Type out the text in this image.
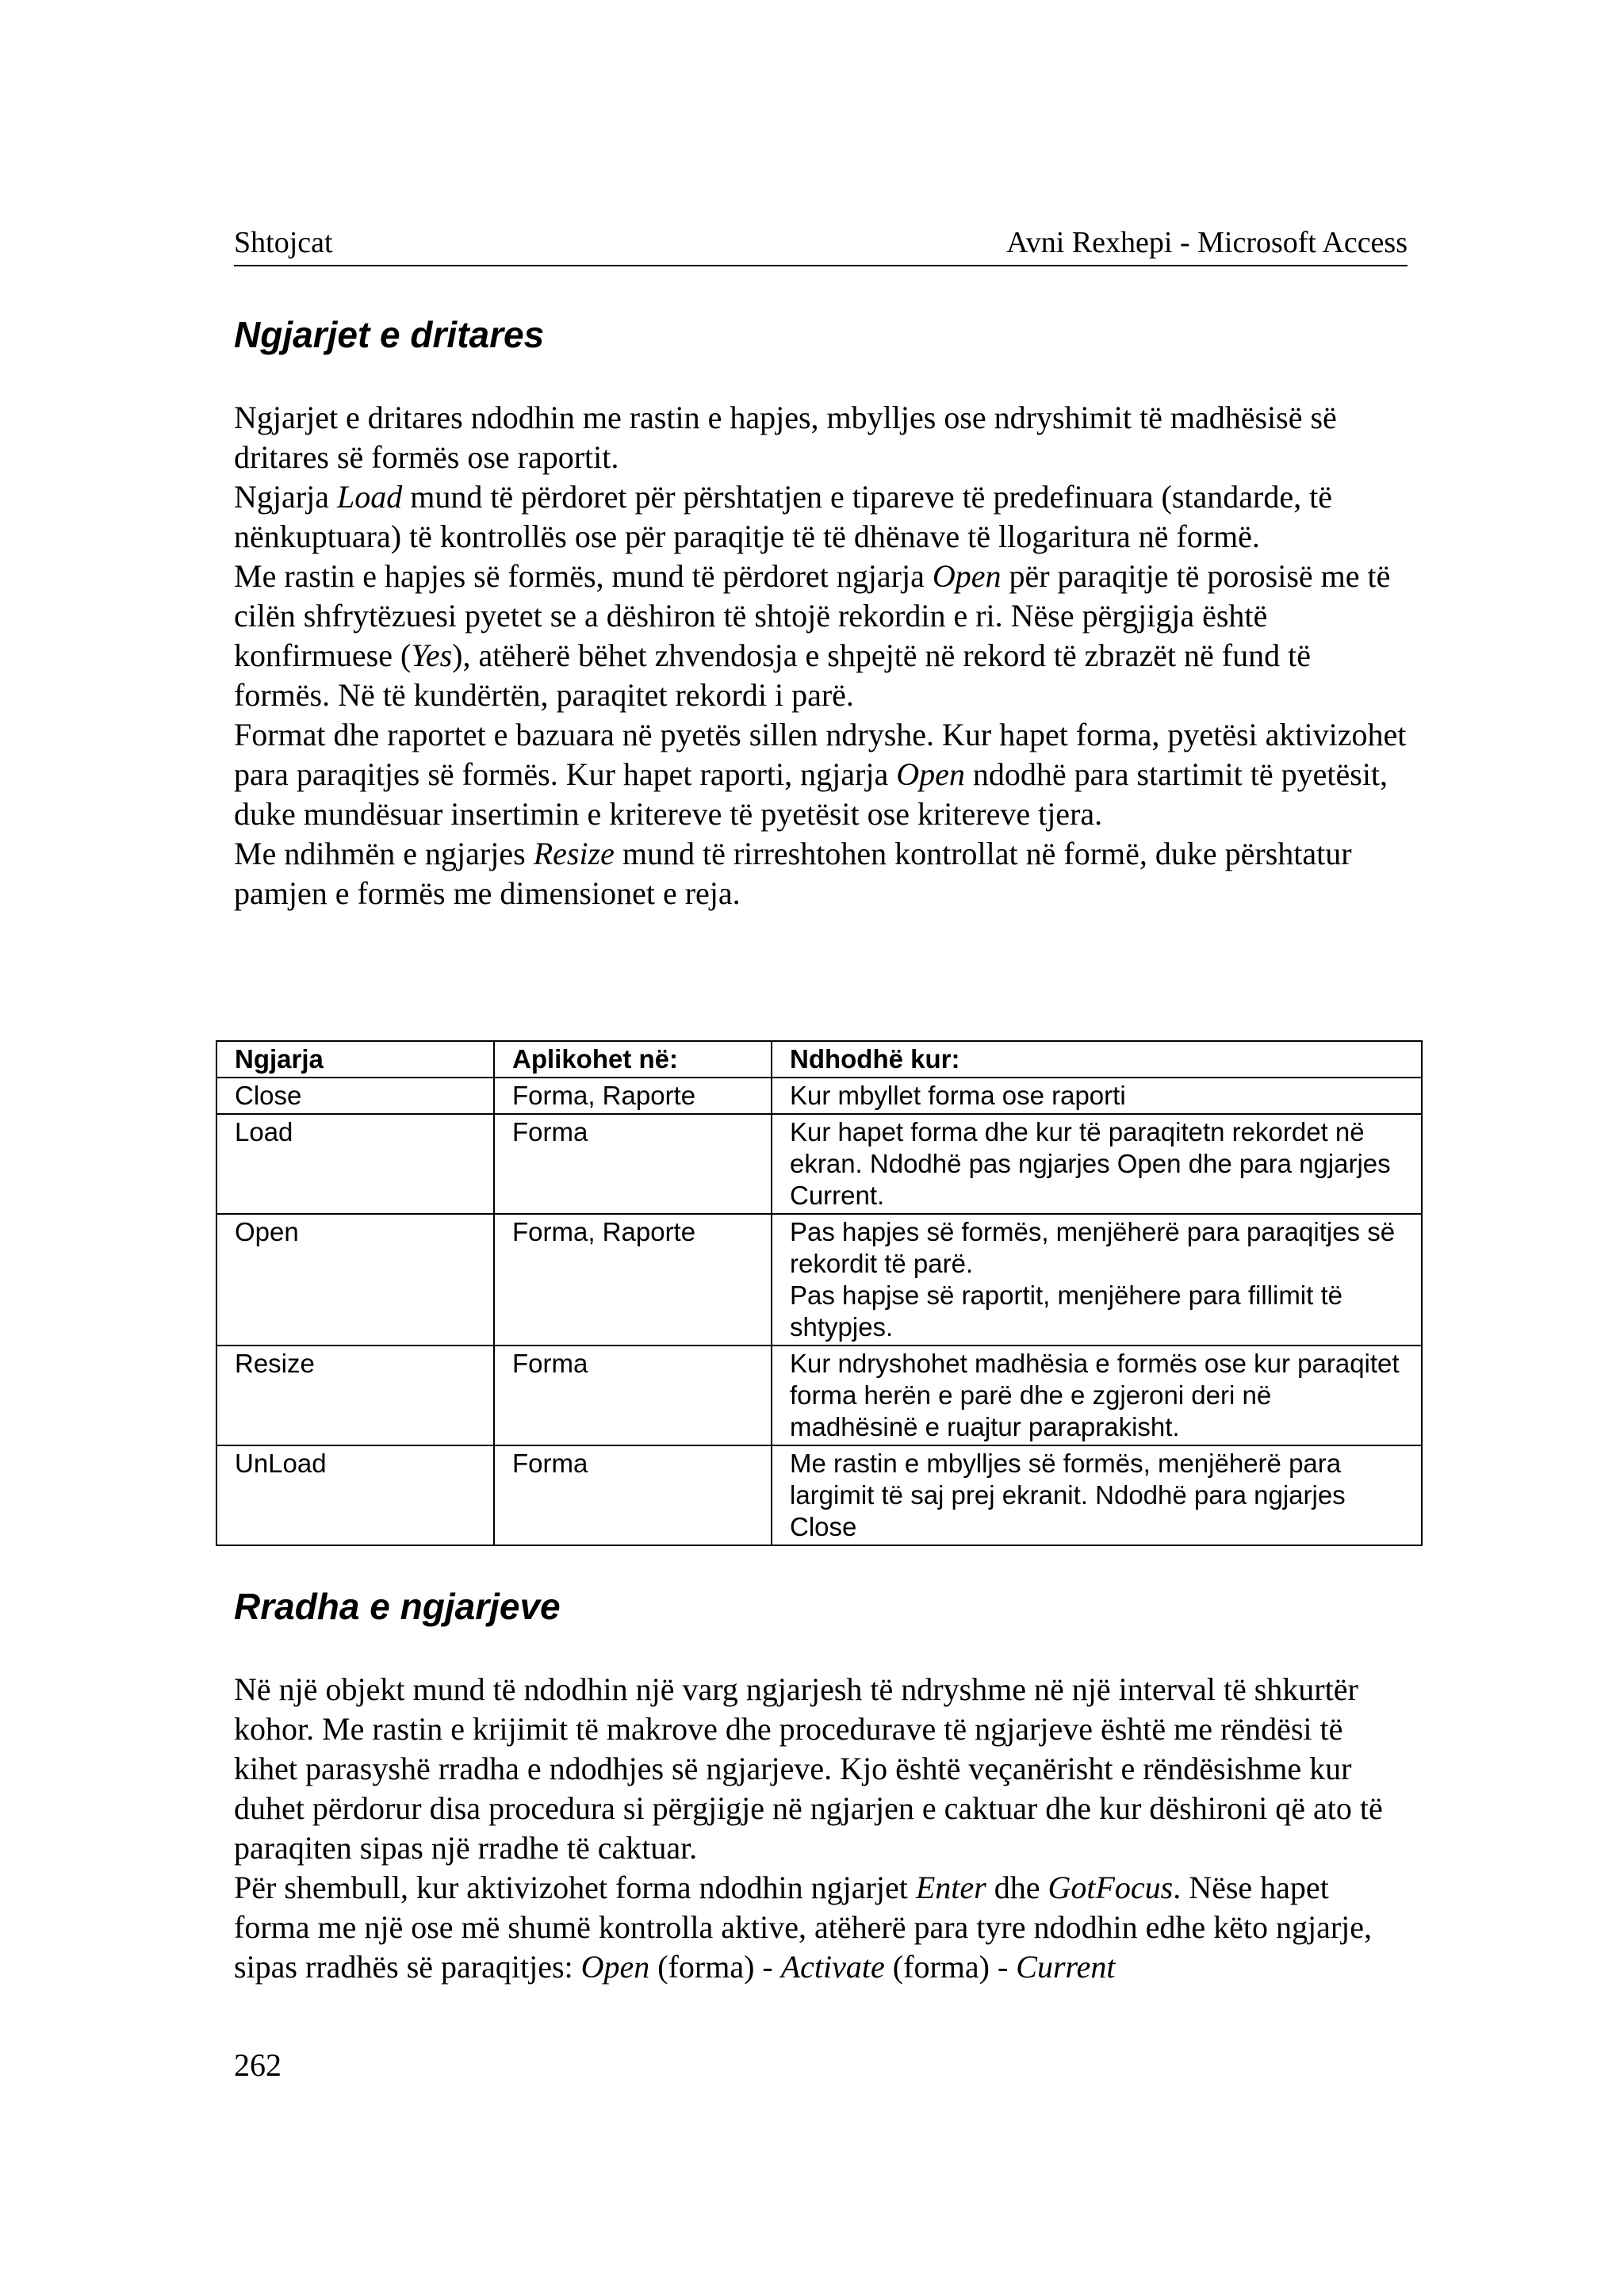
Shtojcat	Avni Rexhepi - Microsoft Access
Ngjarjet e dritares

Ngjarjet e dritares ndodhin me rastin e hapjes, mbylljes ose ndryshimit të madhësisë së dritares së formës ose raportit.

Ngjarja Load mund të përdoret për përshtatjen e tipareve të predefinuara (standarde, të nënkuptuara) të kontrollës ose për paraqitje të të dhënave të llogaritura në formë.

Me rastin e hapjes së formës, mund të përdoret ngjarja Open për paraqitje të porosisë me të cilën shfrytëzuesi pyetet se a dëshiron të shtojë rekordin e ri. Nëse përgjigja është konfirmuese (Yes), atëherë bëhet zhvendosja e shpejtë në rekord të zbrazët në fund të formës. Në të kundërtën, paraqitet rekordi i parë.

Format dhe raportet e bazuara në pyetës sillen ndryshe. Kur hapet forma, pyetësi aktivizohet para paraqitjes së formës. Kur hapet raporti, ngjarja Open ndodhë para startimit të pyetësit, duke mundësuar insertimin e kritereve të pyetësit ose kritereve tjera.

Me ndihmën e ngjarjes Resize mund të rirreshtohen kontrollat në formë, duke përshtatur pamjen e formës me dimensionet e reja.

Ngjarja	Aplikohet në:	Ndhodhë kur:
Close	Forma, Raporte	Kur mbyllet forma ose raporti
Load	Forma	Kur hapet forma dhe kur të paraqitetn rekordet në ekran. Ndodhë pas ngjarjes Open dhe para ngjarjes Current.
Open	Forma, Raporte	Pas hapjes së formës, menjëherë para paraqitjes së rekordit të parë.
Pas hapjse së raportit, menjëhere para fillimit të shtypjes.

Resize	Forma	Kur ndryshohet madhësia e formës ose kur paraqitet forma herën e parë dhe e zgjeroni deri në madhësinë e ruajtur paraprakisht.
UnLoad	Forma	Me rastin e mbylljes së formës, menjëherë para largimit të saj prej ekranit. Ndodhë para ngjarjes Close
Rradha e ngjarjeve

Në një objekt mund të ndodhin një varg ngjarjesh të ndryshme në një interval të shkurtër kohor. Me rastin e krijimit të makrove dhe procedurave të ngjarjeve është me rëndësi të kihet parasyshë rradha e ndodhjes së ngjarjeve. Kjo është veçanërisht e rëndësishme kur duhet përdorur disa procedura si përgjigje në ngjarjen e caktuar dhe kur dëshironi që ato të paraqiten sipas një rradhe të caktuar.

Për shembull, kur aktivizohet forma ndodhin ngjarjet Enter dhe GotFocus. Nëse hapet forma me një ose më shumë kontrolla aktive, atëherë para tyre ndodhin edhe këto ngjarje, sipas rradhës së paraqitjes: Open (forma) - Activate (forma) - Current

262
